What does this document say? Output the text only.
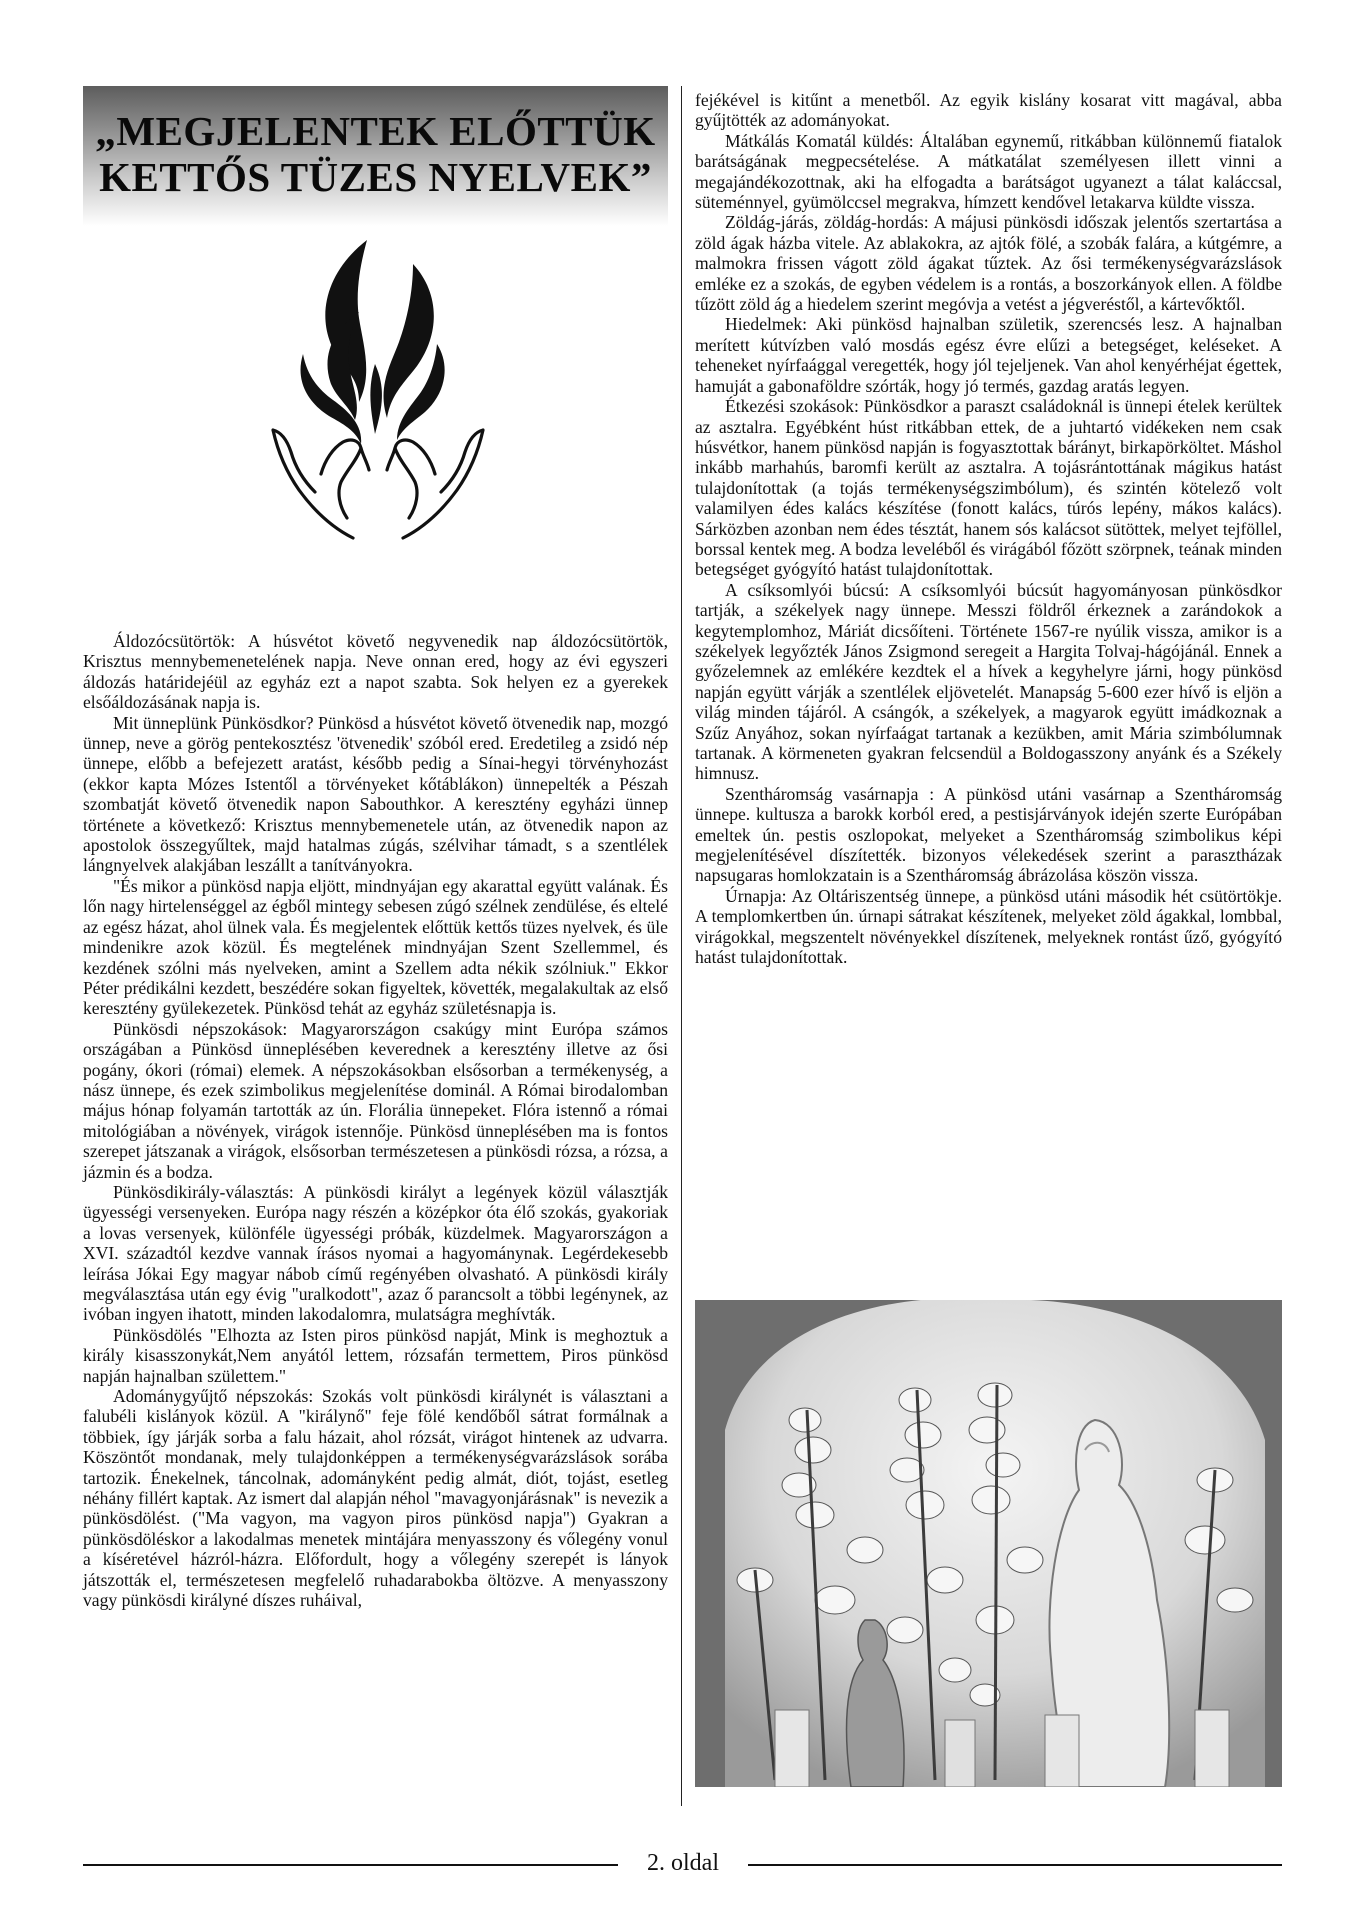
„MEGJELENTEK ELŐTTÜK
KETTŐS TÜZES NYELVEK”

Áldozócsütörtök: A húsvétot követő negyvenedik nap áldozócsütörtök, Krisztus mennybemenetelének napja. Neve onnan ered, hogy az évi egyszeri áldozás határidejéül az egyház ezt a napot szabta. Sok helyen ez a gyerekek elsőáldozásának napja is.

Mit ünneplünk Pünkösdkor? Pünkösd a húsvétot követő ötvenedik nap, mozgó ünnep, neve a görög pentekosztész 'ötvenedik' szóból ered. Eredetileg a zsidó nép ünnepe, előbb a befejezett aratást, később pedig a Sínai-hegyi törvényhozást (ekkor kapta Mózes Istentől a törvényeket kőtáblákon) ünnepelték a Pészah szombatját követő ötvenedik napon Sabouthkor. A keresztény egyházi ünnep története a következő: Krisztus mennybemenetele után, az ötvenedik napon az apostolok összegyűltek, majd hatalmas zúgás, szélvihar támadt, s a szentlélek lángnyelvek alakjában leszállt a tanítványokra.

"És mikor a pünkösd napja eljött, mindnyájan egy akarattal együtt valának. És lőn nagy hirtelenséggel az égből mintegy sebesen zúgó szélnek zendülése, és eltelé az egész házat, ahol ülnek vala. És megjelentek előttük kettős tüzes nyelvek, és üle mindenikre azok közül. És megtelének mindnyájan Szent Szellemmel, és kezdének szólni más nyelveken, amint a Szellem adta nékik szólniuk." Ekkor Péter prédikálni kezdett, beszédére sokan figyeltek, követték, megalakultak az első keresztény gyülekezetek. Pünkösd tehát az egyház születésnapja is.

Pünkösdi népszokások: Magyarországon csakúgy mint Európa számos országában a Pünkösd ünneplésében keverednek a keresztény illetve az ősi pogány, ókori (római) elemek. A népszokásokban elsősorban a termékenység, a nász ünnepe, és ezek szimbolikus megjelenítése dominál. A Római birodalomban május hónap folyamán tartották az ún. Florália ünnepeket. Flóra istennő a római mitológiában a növények, virágok istennője. Pünkösd ünneplésében ma is fontos szerepet játszanak a virágok, elsősorban természetesen a pünkösdi rózsa, a rózsa, a jázmin és a bodza.

Pünkösdikirály-választás: A pünkösdi királyt a legények közül választják ügyességi versenyeken. Európa nagy részén a középkor óta élő szokás, gyakoriak a lovas versenyek, különféle ügyességi próbák, küzdelmek. Magyarországon a XVI. századtól kezdve vannak írásos nyomai a hagyománynak. Legérdekesebb leírása Jókai Egy magyar nábob című regényében olvasható. A pünkösdi király megválasztása után egy évig "uralkodott", azaz ő parancsolt a többi legénynek, az ivóban ingyen ihatott, minden lakodalomra, mulatságra meghívták.

Pünkösdölés "Elhozta az Isten piros pünkösd napját, Mink is meghoztuk a király kisasszonykát,Nem anyától lettem, rózsafán termettem, Piros pünkösd napján hajnalban születtem."

Adománygyűjtő népszokás: Szokás volt pünkösdi királynét is választani a falubéli kislányok közül. A "királynő" feje fölé kendőből sátrat formálnak a többiek, így járják sorba a falu házait, ahol rózsát, virágot hintenek az udvarra. Köszöntőt mondanak, mely tulajdonképpen a termékenységvarázslások sorába tartozik. Énekelnek, táncolnak, adományként pedig almát, diót, tojást, esetleg néhány fillért kaptak. Az ismert dal alapján néhol "mavagyonjárásnak" is nevezik a pünkösdölést. ("Ma vagyon, ma vagyon piros pünkösd napja") Gyakran a pünkösdöléskor a lakodalmas menetek mintájára menyasszony és vőlegény vonul a kíséretével házról-házra. Előfordult, hogy a vőlegény szerepét is lányok játszották el, természetesen megfelelő ruhadarabokba öltözve. A menyasszony vagy pünkösdi királyné díszes ruháival,

fejékével is kitűnt a menetből. Az egyik kislány kosarat vitt magával, abba gyűjtötték az adományokat.

Mátkálás Komatál küldés: Általában egynemű, ritkábban különnemű fiatalok barátságának megpecsételése. A mátkatálat személyesen illett vinni a megajándékozottnak, aki ha elfogadta a barátságot ugyanezt a tálat kaláccsal, süteménnyel, gyümölccsel megrakva, hímzett kendővel letakarva küldte vissza.

Zöldág-járás, zöldág-hordás: A májusi pünkösdi időszak jelentős szertartása a zöld ágak házba vitele. Az ablakokra, az ajtók fölé, a szobák falára, a kútgémre, a malmokra frissen vágott zöld ágakat tűztek. Az ősi termékenységvarázslások emléke ez a szokás, de egyben védelem is a rontás, a boszorkányok ellen. A földbe tűzött zöld ág a hiedelem szerint megóvja a vetést a jégveréstől, a kártevőktől.

Hiedelmek: Aki pünkösd hajnalban születik, szerencsés lesz. A hajnalban merített kútvízben való mosdás egész évre elűzi a betegséget, keléseket. A teheneket nyírfaággal veregették, hogy jól tejeljenek. Van ahol kenyérhéjat égettek, hamuját a gabonaföldre szórták, hogy jó termés, gazdag aratás legyen.

Étkezési szokások: Pünkösdkor a paraszt családoknál is ünnepi ételek kerültek az asztalra. Egyébként húst ritkábban ettek, de a juhtartó vidékeken nem csak húsvétkor, hanem pünkösd napján is fogyasztottak bárányt, birkapörköltet. Máshol inkább marhahús, baromfi került az asztalra. A tojásrántottának mágikus hatást tulajdonítottak (a tojás termékenységszimbólum), és szintén kötelező volt valamilyen édes kalács készítése (fonott kalács, túrós lepény, mákos kalács). Sárközben azonban nem édes tésztát, hanem sós kalácsot sütöttek, melyet tejföllel, borssal kentek meg. A bodza leveléből és virágából főzött szörpnek, teának minden betegséget gyógyító hatást tulajdonítottak.

A csíksomlyói búcsú: A csíksomlyói búcsút hagyományosan pünkösdkor tartják, a székelyek nagy ünnepe. Messzi földről érkeznek a zarándokok a kegytemplomhoz, Máriát dicsőíteni. Története 1567-re nyúlik vissza, amikor is a székelyek legyőzték János Zsigmond seregeit a Hargita Tolvaj-hágójánál. Ennek a győzelemnek az emlékére kezdtek el a hívek a kegyhelyre járni, hogy pünkösd napján együtt várják a szentlélek eljövetelét. Manapság 5-600 ezer hívő is eljön a világ minden tájáról. A csángók, a székelyek, a magyarok együtt imádkoznak a Szűz Anyához, sokan nyírfaágat tartanak a kezükben, amit Mária szimbólumnak tartanak. A körmeneten gyakran felcsendül a Boldogasszony anyánk és a Székely himnusz.

Szentháromság vasárnapja : A pünkösd utáni vasárnap a Szentháromság ünnepe. kultusza a barokk korból ered, a pestisjárványok idején szerte Európában emeltek ún. pestis oszlopokat, melyeket a Szentháromság szimbolikus képi megjelenítésével díszítették. bizonyos vélekedések szerint a parasztházak napsugaras homlokzatain is a Szentháromság ábrázolása köszön vissza.

Úrnapja: Az Oltáriszentség ünnepe, a pünkösd utáni második hét csütörtökje. A templomkertben ún. úrnapi sátrakat készítenek, melyeket zöld ágakkal, lombbal, virágokkal, megszentelt növényekkel díszítenek, melyeknek rontást űző, gyógyító hatást tulajdonítottak.

2. oldal
